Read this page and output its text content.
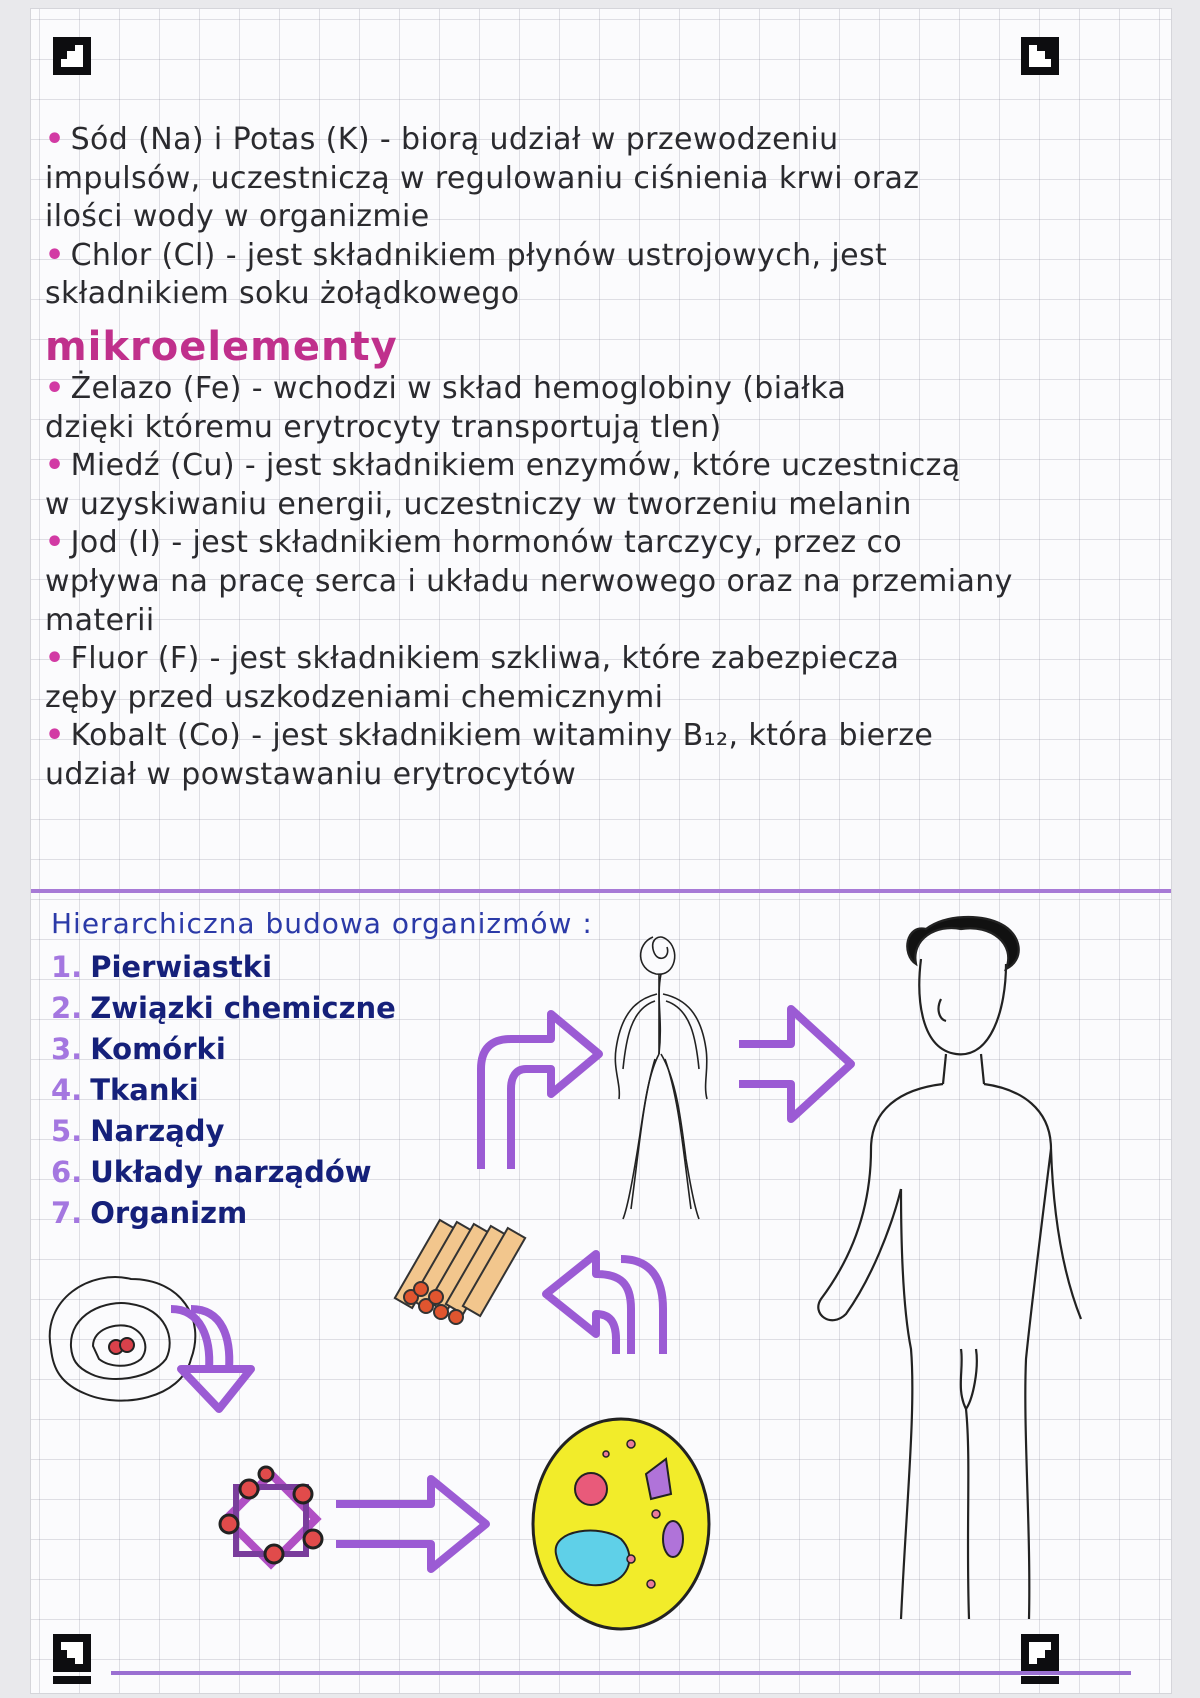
• Sód (Na) i Potas (K) - biorą udział w przewodzeniu
impulsów, uczestniczą w regulowaniu ciśnienia krwi oraz
ilości wody w organizmie
• Chlor (Cl) - jest składnikiem płynów ustrojowych, jest
składnikiem soku żołądkowego
mikroelementy
• Żelazo (Fe) - wchodzi w skład hemoglobiny (białka
dzięki któremu erytrocyty transportują tlen)
• Miedź (Cu) - jest składnikiem enzymów, które uczestniczą
w uzyskiwaniu energii, uczestniczy w tworzeniu melanin
• Jod (I) - jest składnikiem hormonów tarczycy, przez co
wpływa na pracę serca i układu nerwowego oraz na przemiany
materii
• Fluor (F) - jest składnikiem szkliwa, które zabezpiecza
zęby przed uszkodzeniami chemicznymi
• Kobalt (Co) - jest składnikiem witaminy B₁₂, która bierze
udział w powstawaniu erytrocytów
Hierarchiczna budowa organizmów :
1. Pierwiastki
2. Związki chemiczne
3. Komórki
4. Tkanki
5. Narządy
6. Układy narządów
7. Organizm
